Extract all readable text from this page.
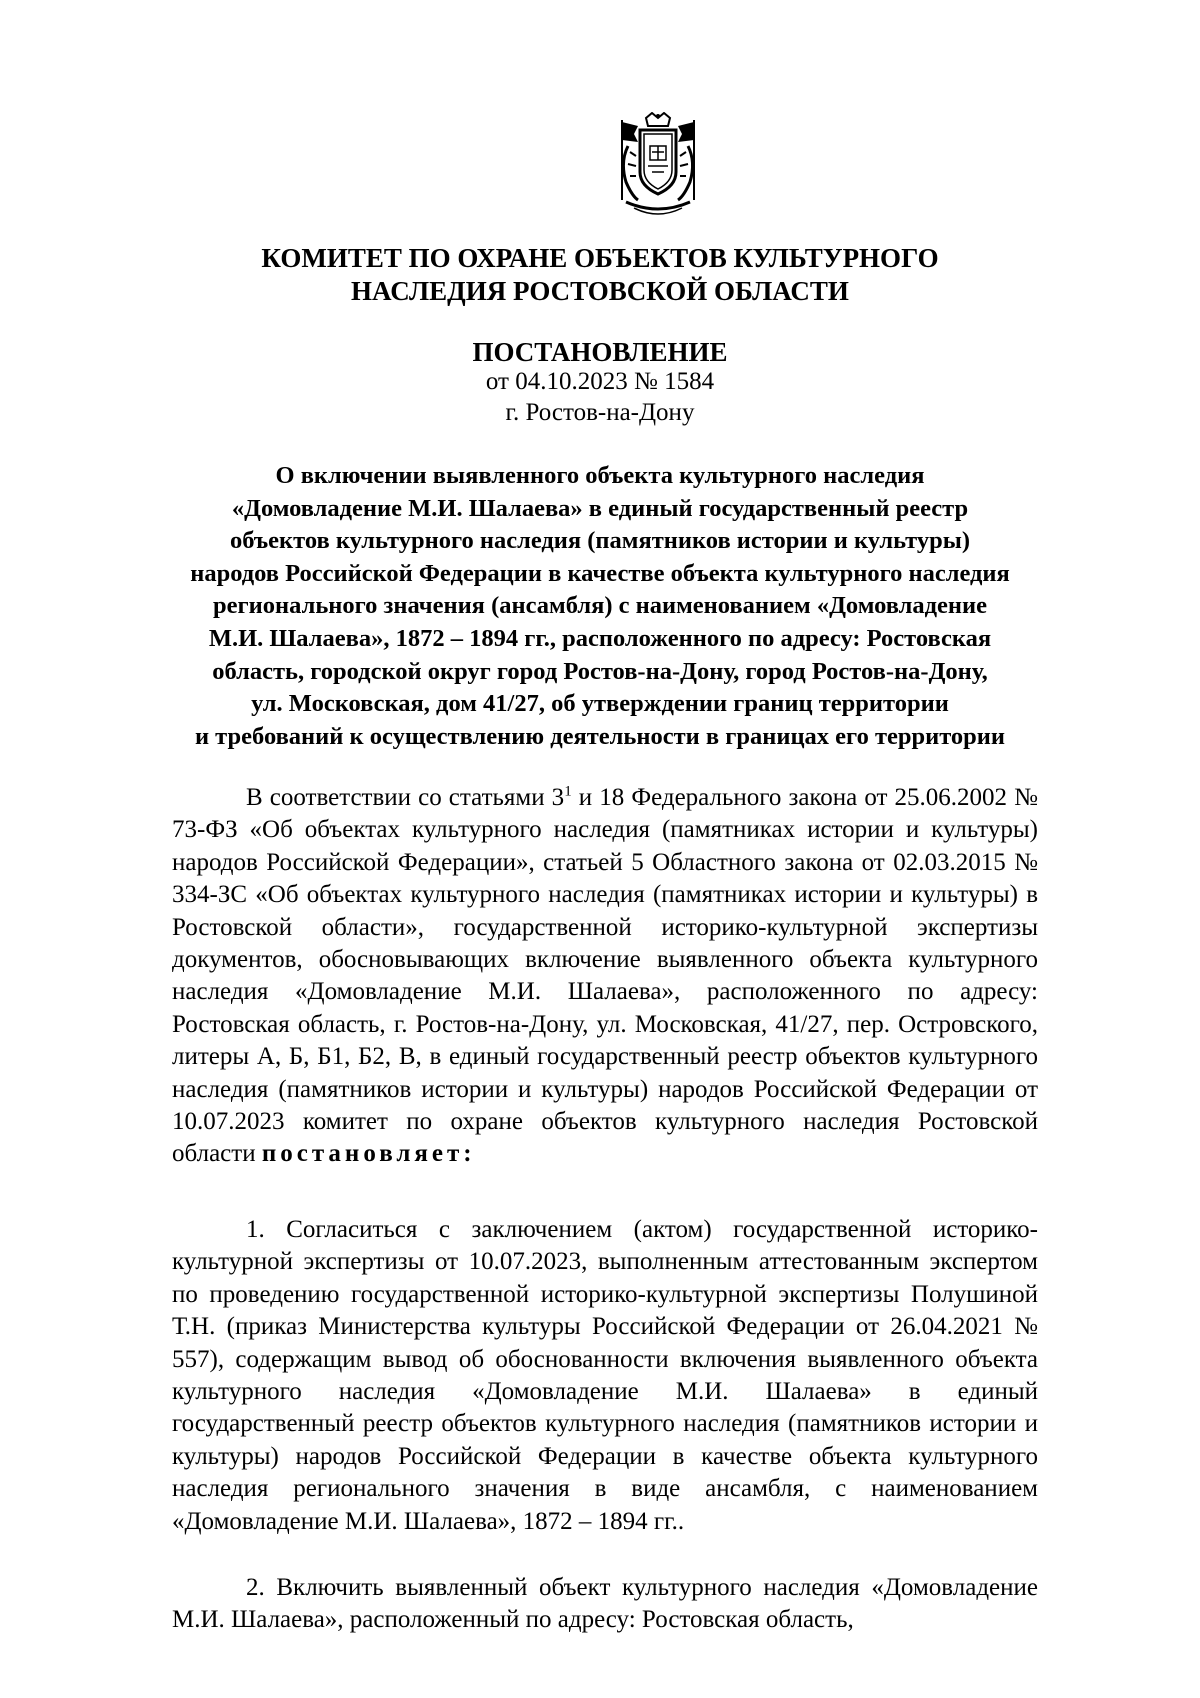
КОМИТЕТ ПО ОХРАНЕ ОБЪЕКТОВ КУЛЬТУРНОГО
НАСЛЕДИЯ РОСТОВСКОЙ ОБЛАСТИ
ПОСТАНОВЛЕНИЕ
от 04.10.2023 № 1584
г. Ростов-на-Дону
О включении выявленного объекта культурного наследия
«Домовладение М.И. Шалаева» в единый государственный реестр
объектов культурного наследия (памятников истории и культуры)
народов Российской Федерации в качестве объекта культурного наследия
регионального значения (ансамбля) с наименованием «Домовладение
М.И. Шалаева», 1872 – 1894 гг., расположенного по адресу: Ростовская
область, городской округ город Ростов-на-Дону, город Ростов-на-Дону,
ул. Московская, дом 41/27, об утверждении границ территории
и требований к осуществлению деятельности в границах его территории
В соответствии со статьями $3^1$ и 18 Федерального закона от 25.06.2002 № 73-ФЗ «Об объектах культурного наследия (памятниках истории и культуры) народов Российской Федерации», статьей 5 Областного закона от 02.03.2015 № 334-ЗС «Об объектах культурного наследия (памятниках истории и культуры) в Ростовской области», государственной историко-культурной экспертизы документов, обосновывающих включение выявленного объекта культурного наследия «Домовладение М.И. Шалаева», расположенного по адресу: Ростовская область, г. Ростов-на-Дону, ул. Московская, 41/27, пер. Островского, литеры А, Б, Б1, Б2, В, в единый государственный реестр объектов культурного наследия (памятников истории и культуры) народов Российской Федерации от 10.07.2023 комитет по охране объектов культурного наследия Ростовской области постановляет:
1. Согласиться с заключением (актом) государственной историко-культурной экспертизы от 10.07.2023, выполненным аттестованным экспертом по проведению государственной историко-культурной экспертизы Полушиной Т.Н. (приказ Министерства культуры Российской Федерации от 26.04.2021 № 557), содержащим вывод об обоснованности включения выявленного объекта культурного наследия «Домовладение М.И. Шалаева» в единый государственный реестр объектов культурного наследия (памятников истории и культуры) народов Российской Федерации в качестве объекта культурного наследия регионального значения в виде ансамбля, с наименованием «Домовладение М.И. Шалаева», 1872 – 1894 гг..
2. Включить выявленный объект культурного наследия «Домовладение М.И. Шалаева», расположенный по адресу: Ростовская область,
